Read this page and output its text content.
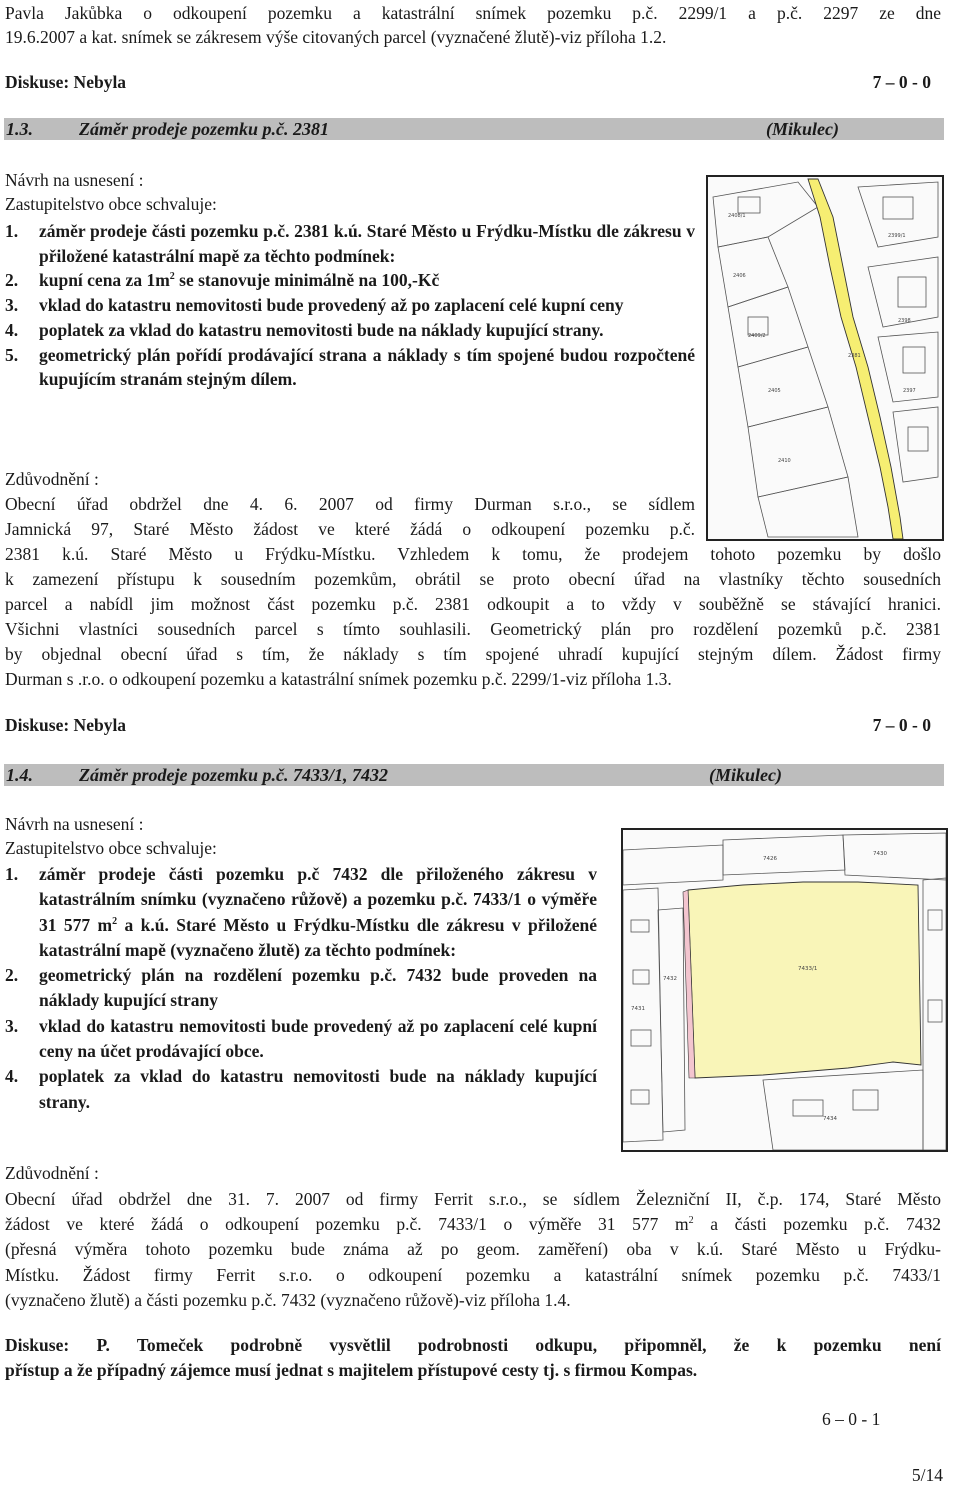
Pavla Jakůbka o odkoupení pozemku a katastrální snímek pozemku p.č. 2299/1 a p.č. 2297 ze dne
19.6.2007 a kat. snímek se zákresem výše citovaných parcel (vyznačené žlutě)-viz příloha 1.2.
Diskuse: Nebyla	7 – 0 - 0
1.3.	Záměr prodeje pozemku p.č. 2381	(Mikulec)
Návrh na usnesení :
Zastupitelstvo obce schvaluje:
1. záměr prodeje části pozemku p.č. 2381 k.ú. Staré Město u Frýdku-Místku dle zákresu v přiložené katastrální mapě za těchto podmínek:
2. kupní cena za $1m^2$ se stanovuje minimálně na 100,-Kč
3. vklad do katastru nemovitosti bude provedený až po zaplacení celé kupní ceny
4. poplatek za vklad do katastru nemovitosti bude na náklady kupující strany.
5. geometrický plán pořídí prodávající strana a náklady s tím spojené budou rozpočtené kupujícím stranám stejným dílem.
2408/1
2406
2409/2
2405
2410
2399/1
2381
2398
2397
Zdůvodnění :
Obecní úřad obdržel dne 4. 6. 2007 od firmy Durman s.r.o., se sídlem
Jamnická 97, Staré Město žádost ve které žádá o odkoupení pozemku p.č.
2381 k.ú. Staré Město u Frýdku-Místku. Vzhledem k tomu, že prodejem tohoto pozemku by došlo
k zamezení přístupu k sousedním pozemkům, obrátil se proto obecní úřad na vlastníky těchto sousedních
parcel a nabídl jim možnost část pozemku p.č. 2381 odkoupit a to vždy v souběžně se stávající hranici.
Všichni vlastníci sousedních parcel s tímto souhlasili. Geometrický plán pro rozdělení pozemků p.č. 2381
by objednal obecní úřad s tím, že náklady s tím spojené uhradí kupující stejným dílem. Žádost firmy
Durman s .r.o. o odkoupení pozemku a katastrální snímek pozemku p.č. 2299/1-viz příloha 1.3.
Diskuse: Nebyla	7 – 0 - 0
1.4.	Záměr prodeje pozemku p.č. 7433/1, 7432	(Mikulec)
Návrh na usnesení :
Zastupitelstvo obce schvaluje:
1. záměr prodeje části pozemku p.č 7432 dle přiloženého zákresu v katastrálním snímku (vyznačeno růžově) a pozemku p.č. 7433/1 o výměře 31 577 $m^2$ a k.ú. Staré Město u Frýdku-Místku dle zákresu v přiložené katastrální mapě (vyznačeno žlutě) za těchto podmínek:
2. geometrický plán na rozdělení pozemku p.č. 7432 bude proveden na náklady kupující strany
3. vklad do katastru nemovitosti bude provedený až po zaplacení celé kupní ceny na účet prodávající obce.
4. poplatek za vklad do katastru nemovitosti bude na náklady kupující strany.
7433/1
7432
7426
7434
7431
7430
Zdůvodnění :
Obecní úřad obdržel dne 31. 7. 2007 od firmy Ferrit s.r.o., se sídlem Železniční II, č.p. 174, Staré Město
žádost ve které žádá o odkoupení pozemku p.č. 7433/1 o výměře 31 577 $m^2$ a části pozemku p.č. 7432
(přesná výměra tohoto pozemku bude známa až po geom. zaměření) oba v k.ú. Staré Město u Frýdku-
Místku. Žádost firmy Ferrit s.r.o. o odkoupení pozemku a katastrální snímek pozemku p.č. 7433/1
(vyznačeno žlutě) a části pozemku p.č. 7432 (vyznačeno růžově)-viz příloha 1.4.
Diskuse: P. Tomeček podrobně vysvětlil podrobnosti odkupu, připomněl, že k pozemku není
přístup a že případný zájemce musí jednat s majitelem přístupové cesty tj. s firmou Kompas.
6 – 0 - 1
5/14
